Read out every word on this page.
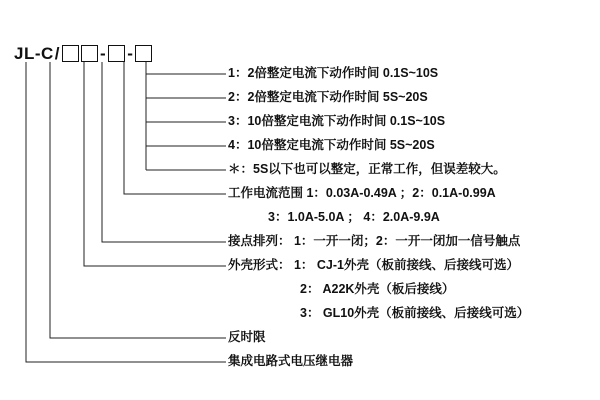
JL-C/ - -
1：2倍整定电流下动作时间 0.1S~10S
2：2倍整定电流下动作时间 5S~20S
3：10倍整定电流下动作时间 0.1S~10S
4：10倍整定电流下动作时间 5S~20S
＊：5S以下也可以整定，正常工作，但误差较大。
工作电流范围 1：0.03A-0.49A ；2：0.1A-0.99A
3：1.0A-5.0A ； 4：2.0A-9.9A
接点排列： 1：一开一闭；2：一开一闭加一信号触点
外壳形式： 1： CJ-1外壳（板前接线、后接线可选）
2： A22K外壳（板后接线）
3： GL10外壳（板前接线、后接线可选）
反时限
集成电路式电压继电器
